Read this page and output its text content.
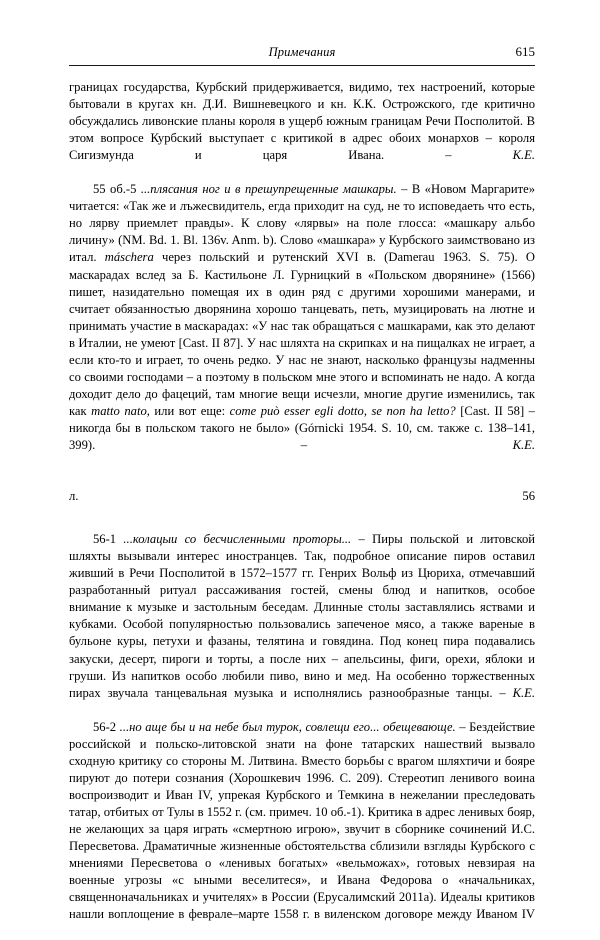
Примечания	615

границах государства, Курбский придерживается, видимо, тех настроений, которые бытовали в кругах кн. Д.И. Вишневецкого и кн. К.К. Острожского, где критично обсуждались ливонские планы короля в ущерб южным границам Речи Посполитой. В этом вопросе Курбский выступает с критикой в адрес обоих монархов – короля Сигизмунда и царя Ивана. – К.Е.

55 об.-5 ...плясания ног и в прешупрещенные машкары. – В «Новом Маргарите» читается: «Так же и лъжесвидитель, егда приходит на суд, не то исповедаеть что есть, но лярву приемлет правды». К слову «лярвы» на поле глосса: «машкару альбо личину» (NM. Bd. 1. Bl. 136v. Anm. b). Слово «машкара» у Курбского заимствовано из итал. máschera через польский и рутенский XVI в. (Damerau 1963. S. 75). О маскарадах вслед за Б. Кастильоне Л. Гурницкий в «Польском дворянине» (1566) пишет, назидательно помещая их в один ряд с другими хорошими манерами, и считает обязанностью дворянина хорошо танцевать, петь, музицировать на лютне и принимать участие в маскарадах: «У нас так обращаться с машкарами, как это делают в Италии, не умеют [Cast. II 87]. У нас шляхта на скрипках и на пищалках не играет, а если кто-то и играет, то очень редко. У нас не знают, насколько французы надменны со своими господами – а поэтому в польском мне этого и вспоминать не надо. А когда доходит дело до фацеций, там многие вещи исчезли, многие другие изменились, так как matto nato, или вот еще: come può esser egli dotto, se non ha letto? [Cast. II 58] – никогда бы в польском такого не было» (Górnicki 1954. S. 10, см. также с. 138–141, 399). – К.Е.

л. 56

56-1 ...колацыи со бесчисленными проторы... – Пиры польской и литовской шляхты вызывали интерес иностранцев. Так, подробное описание пиров оставил живший в Речи Посполитой в 1572–1577 гг. Генрих Вольф из Цюриха, отмечавший разработанный ритуал рассаживания гостей, смены блюд и напитков, особое внимание к музыке и застольным беседам. Длинные столы заставлялись яствами и кубками. Особой популярностью пользовались запеченое мясо, а также вареные в бульоне куры, петухи и фазаны, телятина и говядина. Под конец пира подавались закуски, десерт, пироги и торты, а после них – апельсины, фиги, орехи, яблоки и груши. Из напитков особо любили пиво, вино и мед. На особенно торжественных пирах звучала танцевальная музыка и исполнялись разнообразные танцы. – К.Е.

56-2 ...но аще бы и на небе был турок, совлещи его... обещевающе. – Бездействие российской и польско-литовской знати на фоне татарских нашествий вызвало сходную критику со стороны М. Литвина. Вместо борьбы с врагом шляхтичи и бояре пируют до потери сознания (Хорошкевич 1996. С. 209). Стереотип ленивого воина воспроизводит и Иван IV, упрекая Курбского и Темкина в нежелании преследовать татар, отбитых от Тулы в 1552 г. (см. примеч. 10 об.-1). Критика в адрес ленивых бояр, не желающих за царя играть «смертною игрою», звучит в сборнике сочинений И.С. Пересветова. Драматичные жизненные обстоятельства сблизили взгляды Курбского с мнениями Пересветова о «ленивых богатых» «вельможах», готовых невзирая на военные угрозы «с ыными веселитеся», и Ивана Федорова о «начальниках, священноначальниках и учителях» в России (Ерусалимский 2011а). Идеалы критиков нашли воплощение в феврале–марте 1558 г. в виленском договоре между Иваном IV
